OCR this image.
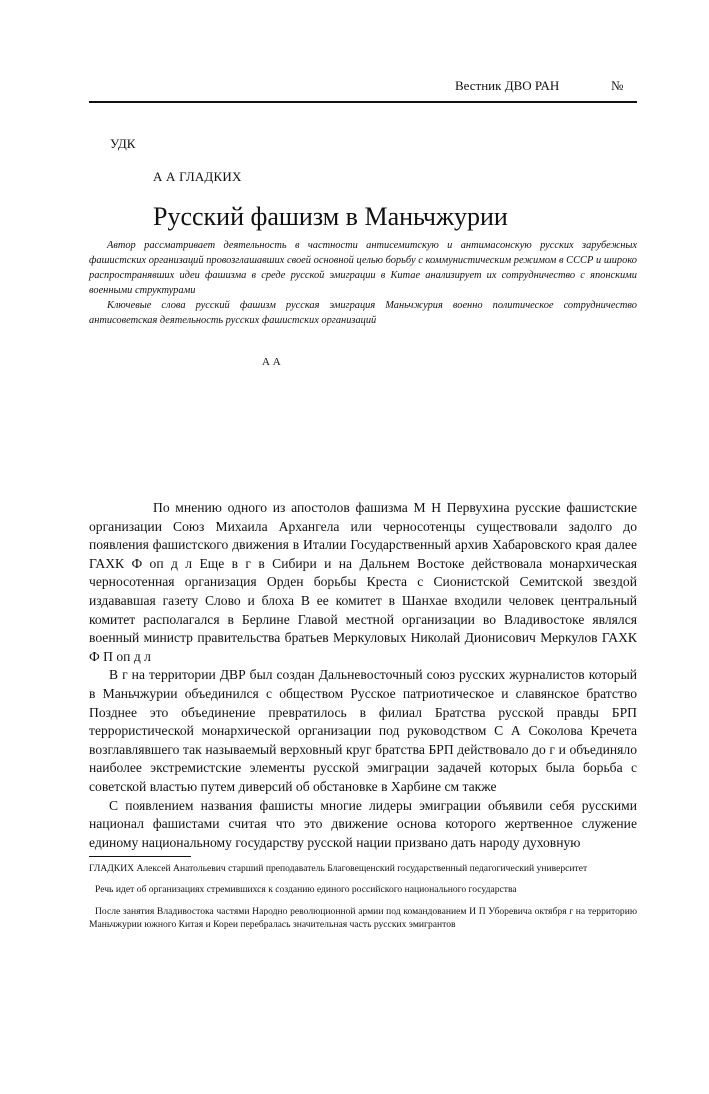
Вестник ДВО РАН	№
УДК
А А ГЛАДКИХ
Русский фашизм в Маньчжурии

Автор рассматривает деятельность в частности антисемитскую и антимасонскую русских зарубежных фашистских организаций провозглашавших своей основной целью борьбу с коммунистическим режимом в СССР и широко распространявших идеи фашизма в среде русской эмиграции в Китае анализирует их сотрудничество с японскими военными структурами

Ключевые слова русский фашизм русская эмиграция Маньчжурия военно политическое сотрудничество антисоветская деятельность русских фашистских организаций

А А

По мнению одного из апостолов фашизма М Н Первухина русские фашистские организации Союз Михаила Архангела или черносотенцы существовали задолго до появления фашистского движения в Италии Государственный архив Хабаровского края далее ГАХК Ф оп д л Еще в г в Сибири и на Дальнем Востоке действовала монархическая черносотенная организация Орден борьбы Креста с Сионистской Семитской звездой издававшая газету Слово и блоха В ее комитет в Шанхае входили человек центральный комитет располагался в Берлине Главой местной организации во Владивостоке являлся военный министр правительства братьев Меркуловых Николай Дионисович Меркулов ГАХК Ф П оп д л

В г на территории ДВР был создан Дальневосточный союз русских журналистов который в Маньчжурии объединился с обществом Русское патриотическое и славянское братство Позднее это объединение превратилось в филиал Братства русской правды БРП террористической монархической организации под руководством С А Соколова Кречета возглавлявшего так называемый верховный круг братства БРП действовало до г и объединяло наиболее экстремистские элементы русской эмиграции задачей которых была борьба с советской властью путем диверсий об обстановке в Харбине см также

С появлением названия фашисты многие лидеры эмиграции объявили себя русскими национал фашистами считая что это движение основа которого жертвенное служение единому национальному государству русской нации призвано дать народу духовную

ГЛАДКИХ Алексей Анатольевич старший преподаватель Благовещенский государственный педагогический университет

Речь идет об организациях стремившихся к созданию единого российского национального государства

После занятия Владивостока частями Народно революционной армии под командованием И П Уборевича октября г на территорию Маньчжурии южного Китая и Кореи перебралась значительная часть русских эмигрантов
